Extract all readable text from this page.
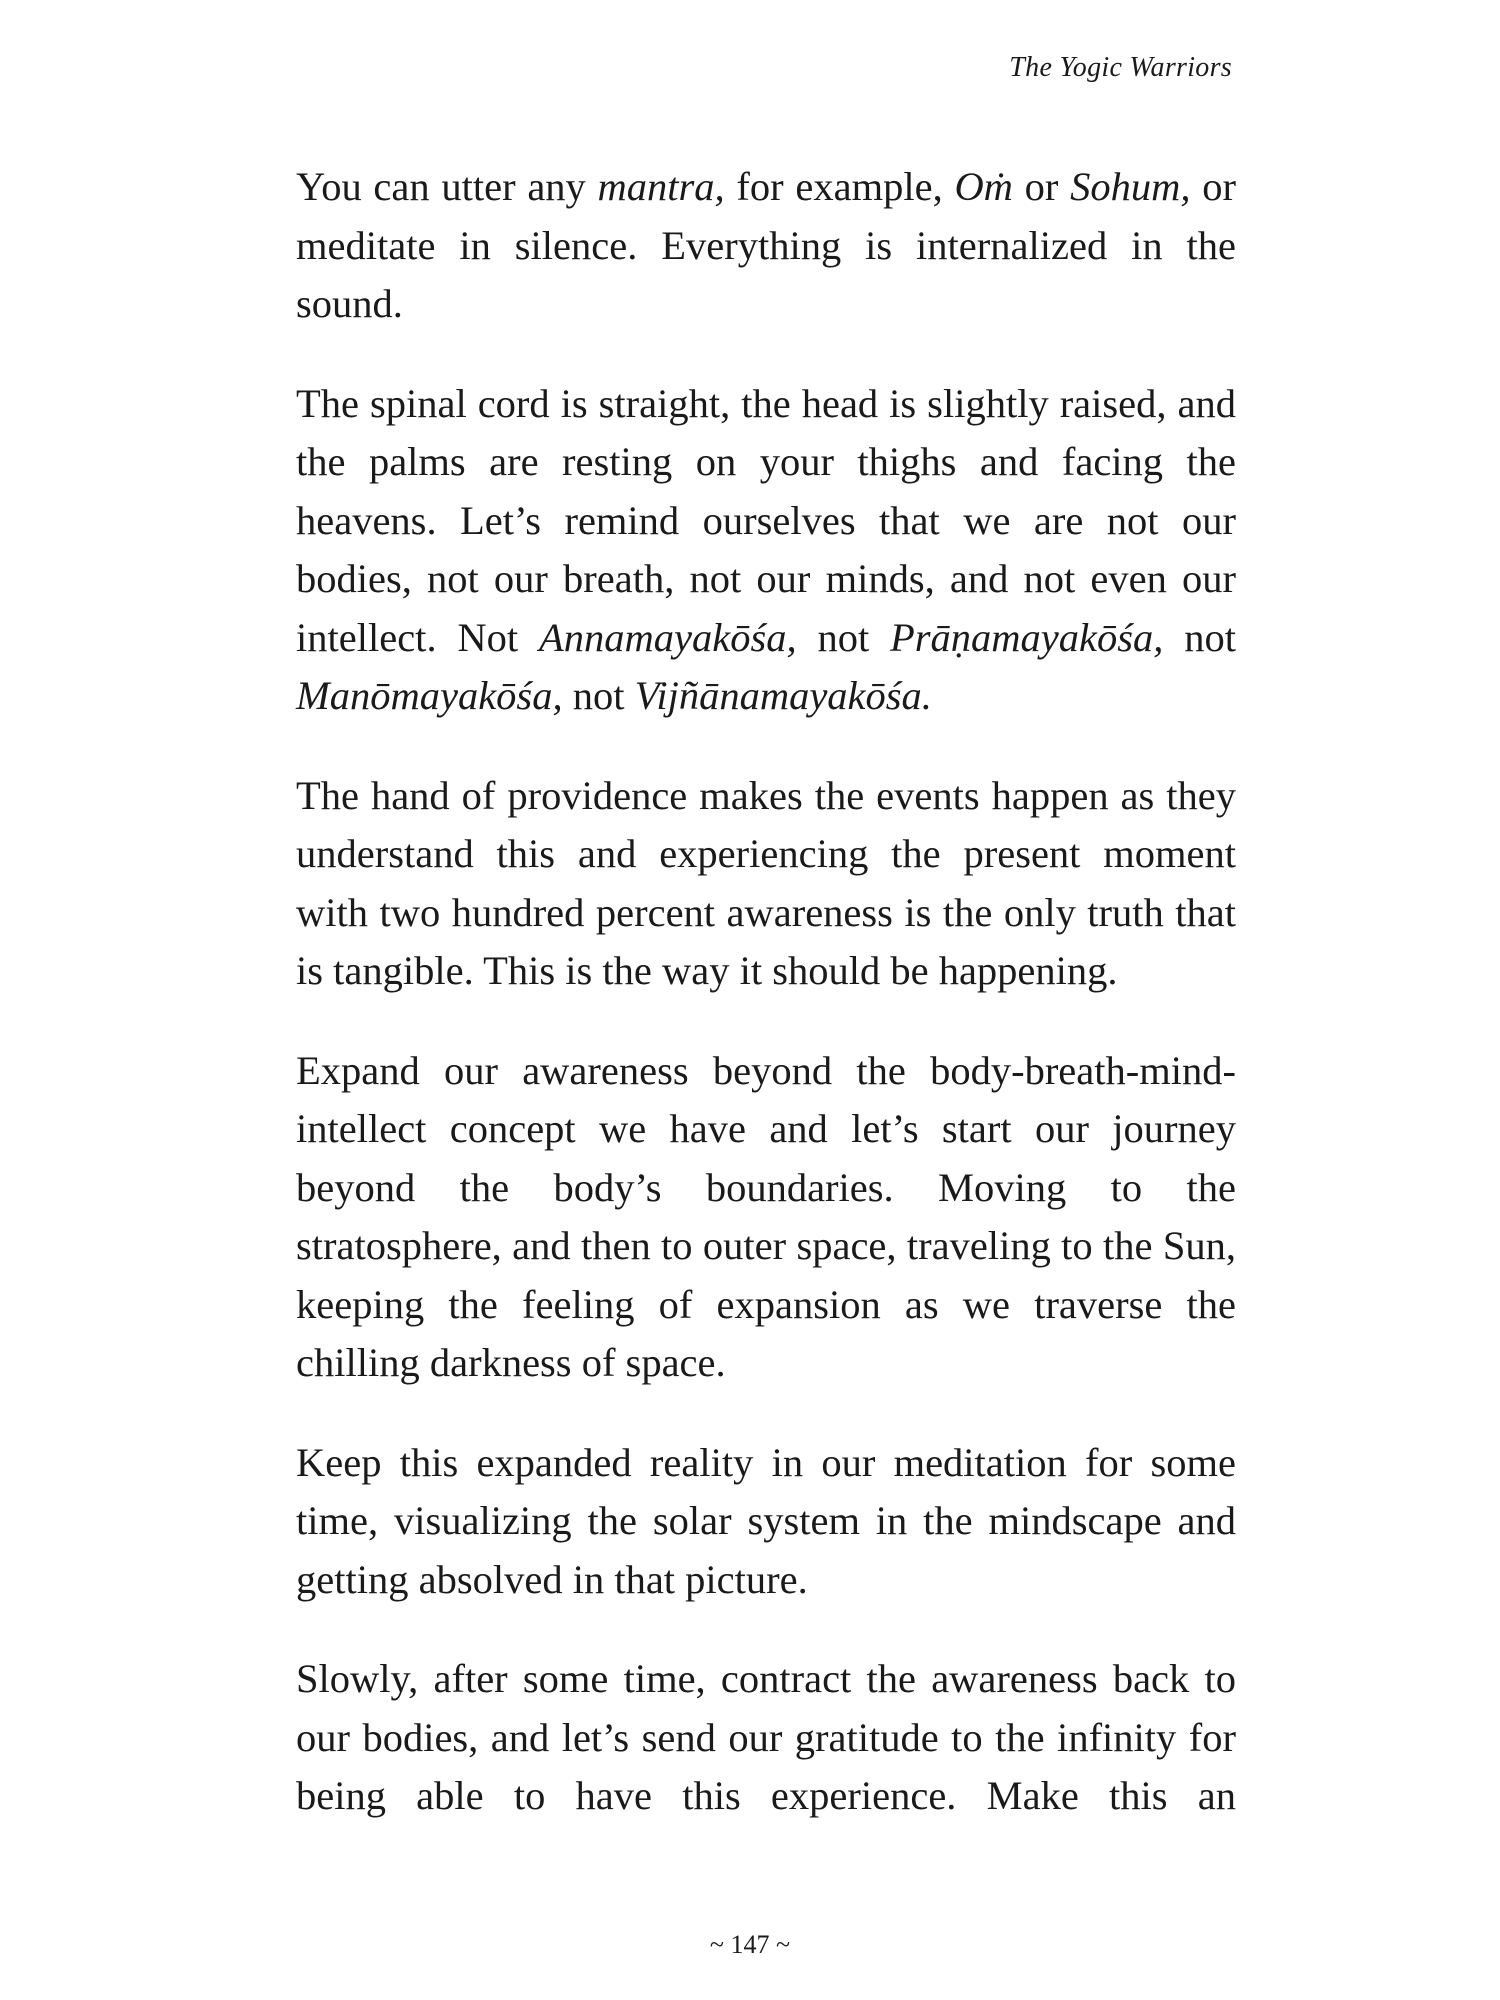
The Yogic Warriors

You can utter any mantra, for example, Oṁ or Sohum, or meditate in silence. Everything is internalized in the sound.

The spinal cord is straight, the head is slightly raised, and the palms are resting on your thighs and facing the heavens. Let’s remind ourselves that we are not our bodies, not our breath, not our minds, and not even our intellect. Not Annamayakōśa, not Prāṇamayakōśa, not Manōmayakōśa, not Vijñānamayakōśa.

The hand of providence makes the events happen as they understand this and experiencing the present moment with two hundred percent awareness is the only truth that is tangible. This is the way it should be happening.

Expand our awareness beyond the body-breath-mind-intellect concept we have and let’s start our journey beyond the body’s boundaries. Moving to the stratosphere, and then to outer space, traveling to the Sun, keeping the feeling of expansion as we traverse the chilling darkness of space.

Keep this expanded reality in our meditation for some time, visualizing the solar system in the mindscape and getting absolved in that picture.

Slowly, after some time, contract the awareness back to our bodies, and let’s send our gratitude to the infinity for being able to have this experience. Make this an

~ 147 ~
